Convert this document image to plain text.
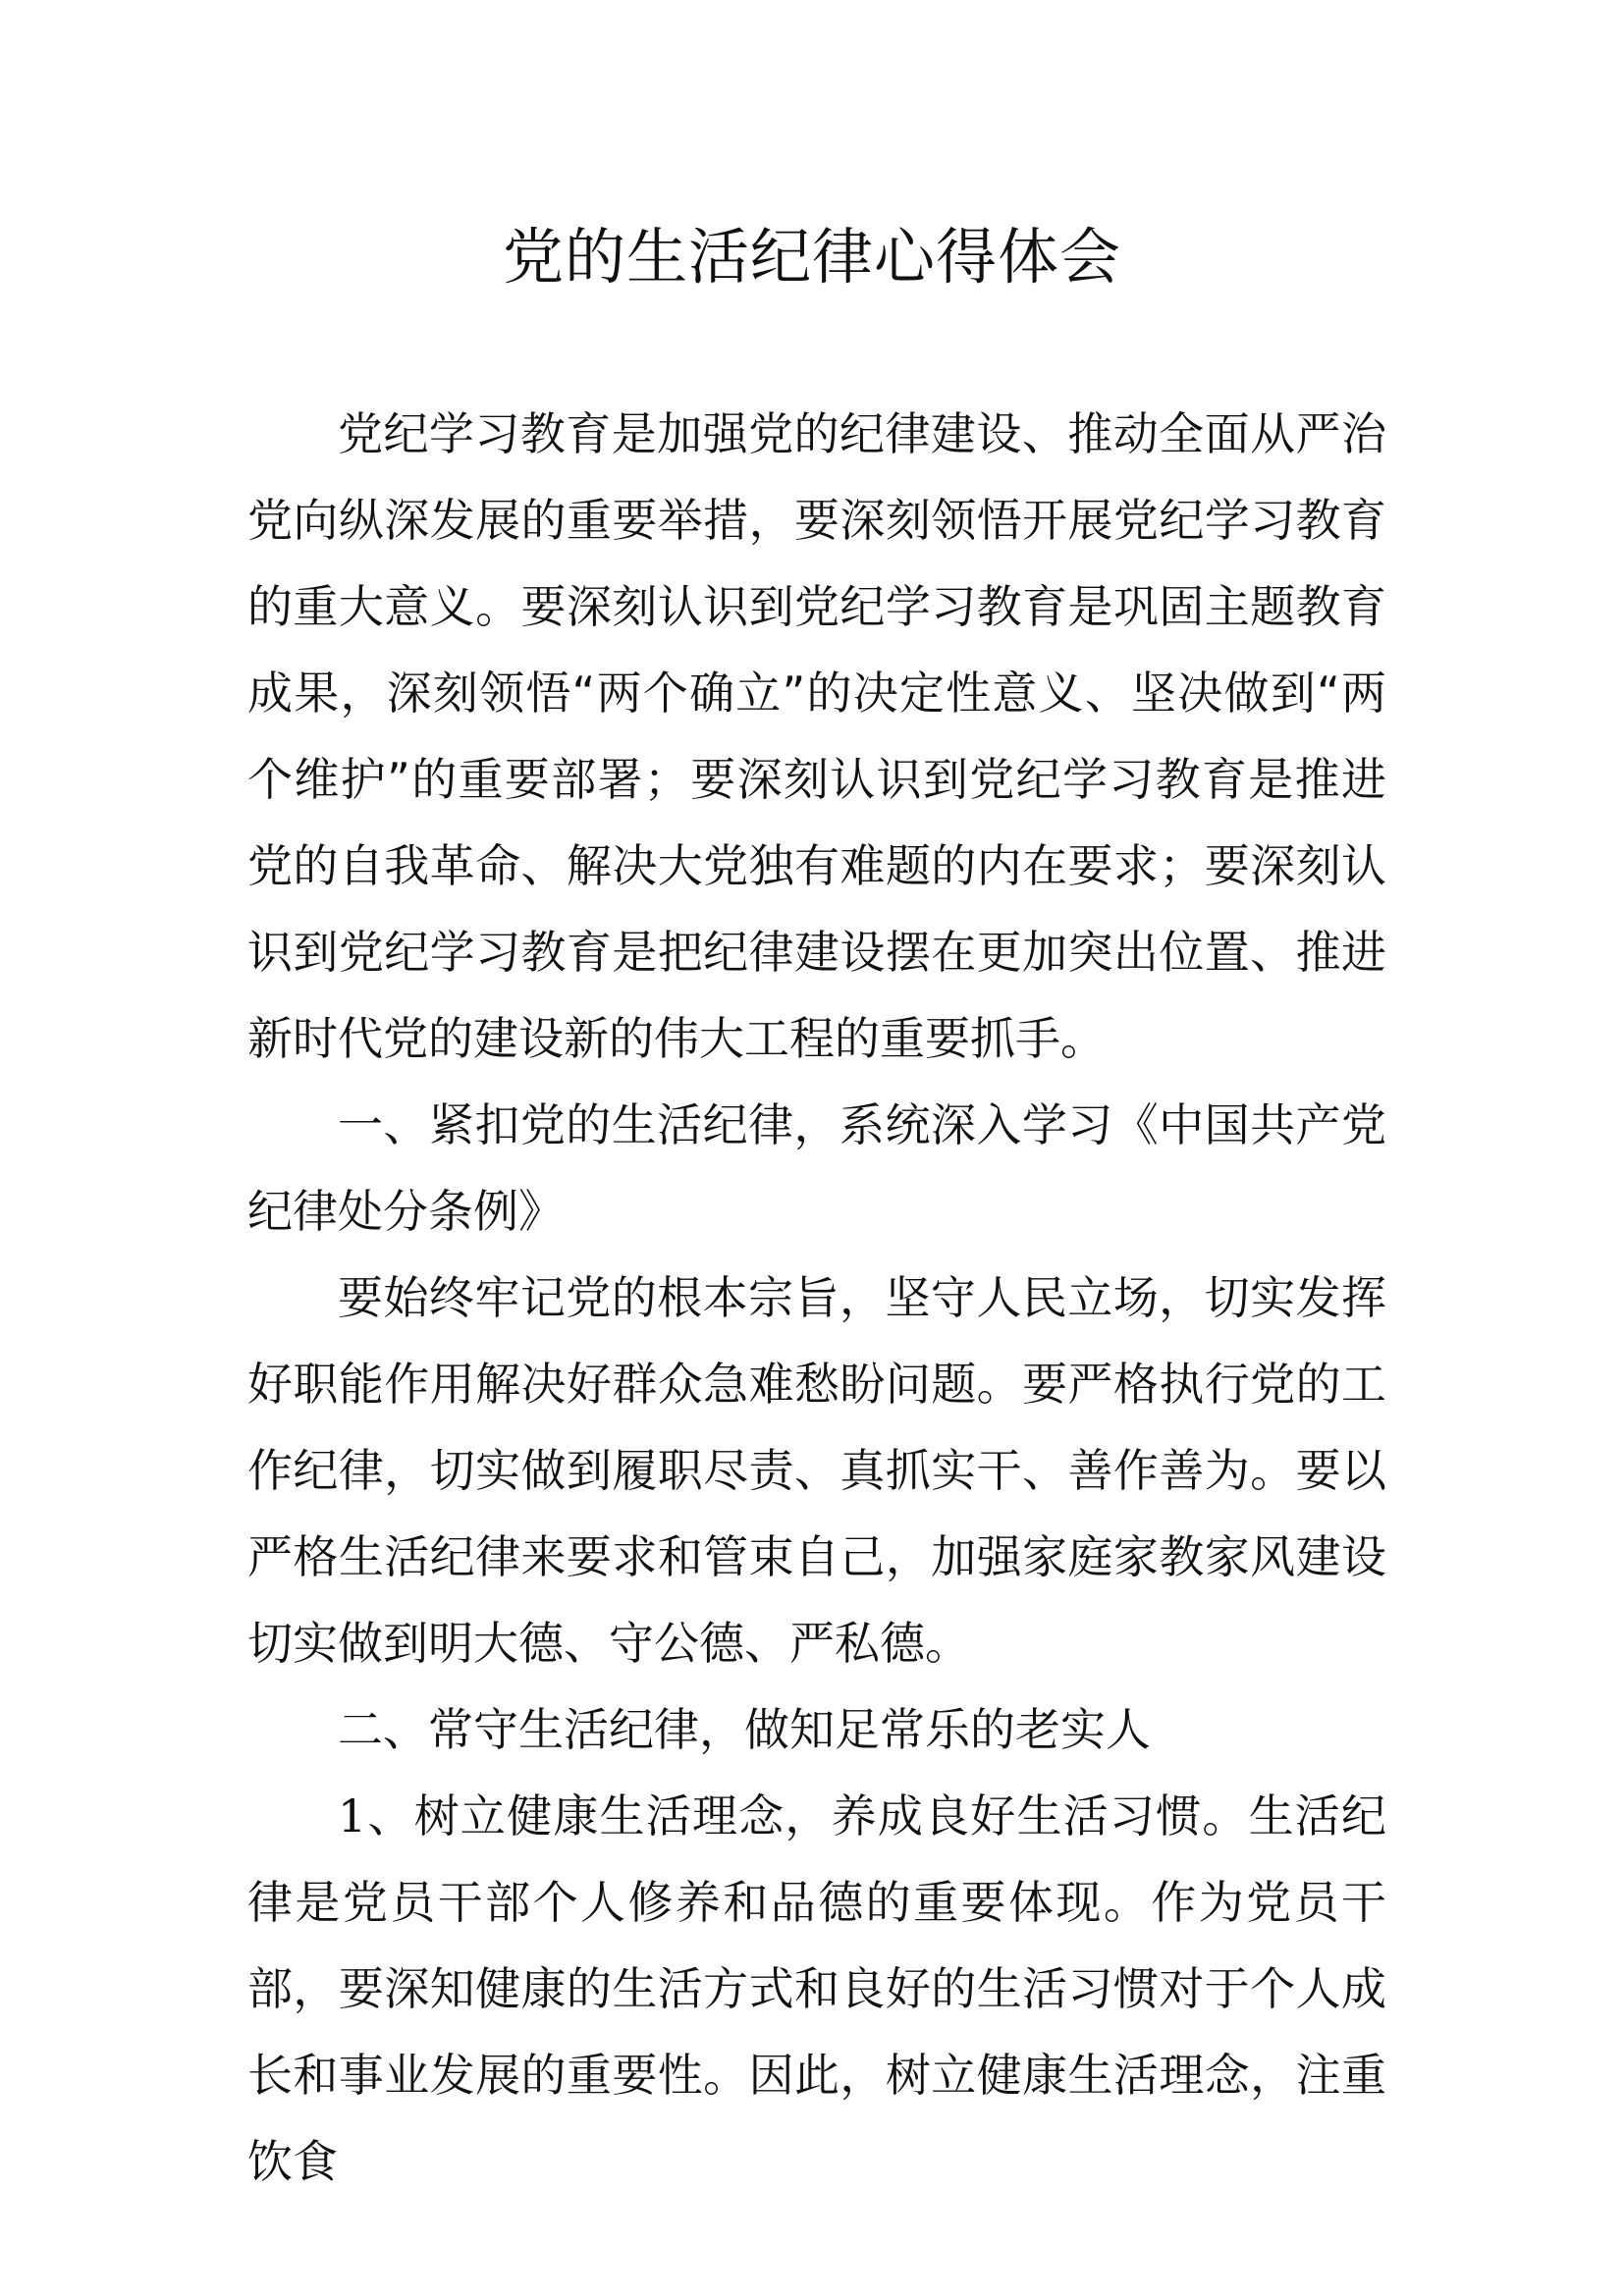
党的生活纪律心得体会

党纪学习教育是加强党的纪律建设、推动全面从严治党向纵深发展的重要举措，要深刻领悟开展党纪学习教育的重大意义。要深刻认识到党纪学习教育是巩固主题教育成果，深刻领悟“两个确立”的决定性意义、坚决做到“两个维护”的重要部署；要深刻认识到党纪学习教育是推进党的自我革命、解决大党独有难题的内在要求；要深刻认识到党纪学习教育是把纪律建设摆在更加突出位置、推进新时代党的建设新的伟大工程的重要抓手。

一、紧扣党的生活纪律，系统深入学习《中国共产党纪律处分条例》

要始终牢记党的根本宗旨，坚守人民立场，切实发挥好职能作用解决好群众急难愁盼问题。要严格执行党的工作纪律，切实做到履职尽责、真抓实干、善作善为。要以严格生活纪律来要求和管束自己，加强家庭家教家风建设切实做到明大德、守公德、严私德。

二、常守生活纪律，做知足常乐的老实人

1、树立健康生活理念，养成良好生活习惯。生活纪律是党员干部个人修养和品德的重要体现。作为党员干部，要深知健康的生活方式和良好的生活习惯对于个人成长和事业发展的重要性。因此，树立健康生活理念，注重饮食
